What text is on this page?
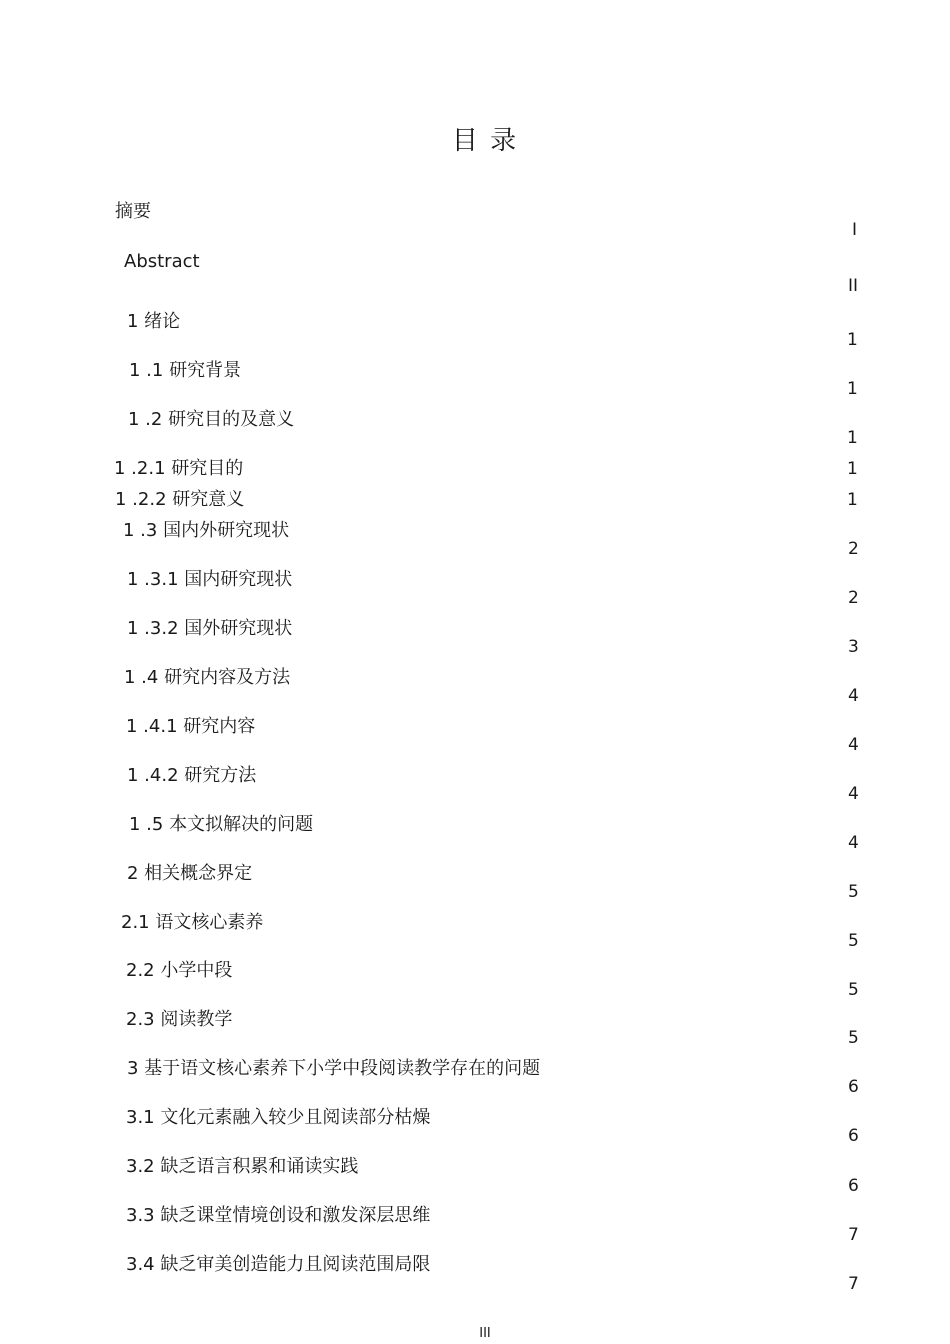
目 录
摘要
I
Abstract
II
1 绪论
1
1 .1 研究背景
1
1 .2 研究目的及意义
1
1 .2.1 研究目的	1
1 .2.2 研究意义	1
1 .3 国内外研究现状
2
1 .3.1 国内研究现状
2
1 .3.2 国外研究现状
3
1 .4 研究内容及方法
4
1 .4.1 研究内容
4
1 .4.2 研究方法
4
1 .5 本文拟解决的问题
4
2 相关概念界定
5
2.1 语文核心素养
5
2.2 小学中段
5
2.3 阅读教学
5
3 基于语文核心素养下小学中段阅读教学存在的问题
6
3.1 文化元素融入较少且阅读部分枯燥
6
3.2 缺乏语言积累和诵读实践
6
3.3 缺乏课堂情境创设和激发深层思维
7
3.4 缺乏审美创造能力且阅读范围局限
7
III
